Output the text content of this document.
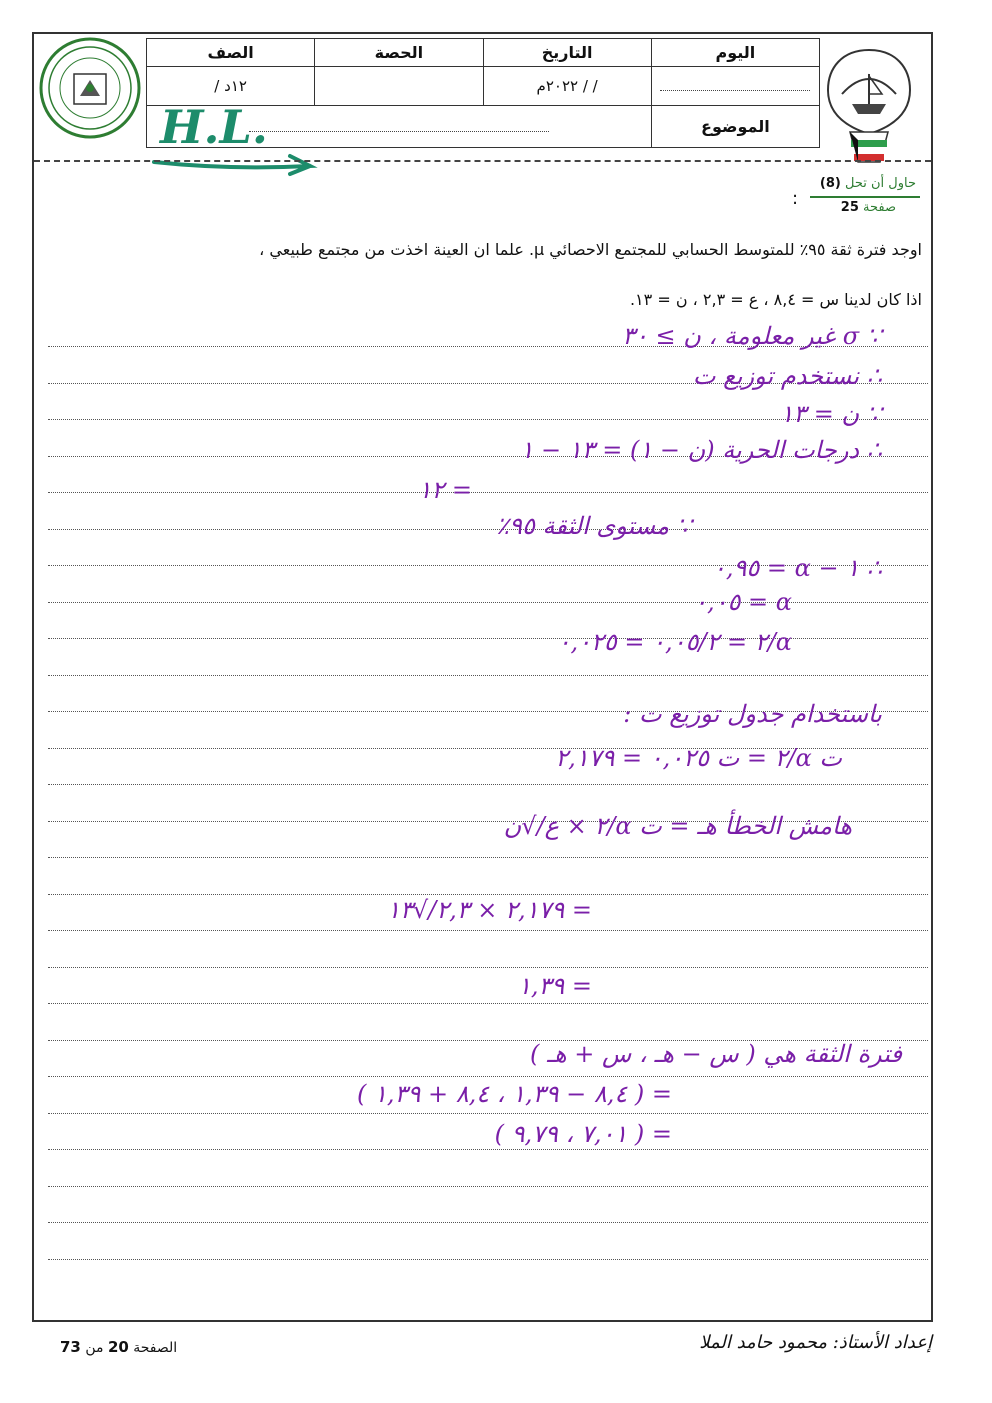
الصف	الحصة	التاريخ	اليوم
١٢د /		/ / ٢٠٢٢م	
			الموضوع
H.L.
حاول أن تحل (8)
صفحة 25
:
اوجد فترة ثقة ٩٥٪ للمتوسط الحسابي للمجتمع الاحصائي µ. علما ان العينة اخذت من مجتمع طبيعي ،
اذا كان لدينا س = ٨,٤ ، ع = ٢,٣ ، ن = ١٣.
∵ σ غير معلومة ، ن ≥ ٣٠
∴ نستخدم توزيع ت
∵ ن = ١٣
∴ درجات الحرية (ن − ١) = ١٣ − ١
= ١٢
∵ مستوى الثقة ٩٥٪
∴ ١ − α = ٠,٩٥
α = ٠,٠٥
α/٢ = ٠,٠٥/٢ = ٠,٠٢٥
باستخدام جدول توزيع ت :
ت α/٢ = ت ٠,٠٢٥ = ٢,١٧٩
هامش الخطأ هـ = ت α/٢ × ع/√ن
= ٢,١٧٩ × ٢,٣/√١٣
= ١,٣٩
فترة الثقة هي ( س − هـ ، س + هـ )
= ( ٨,٤ − ١,٣٩ ، ٨,٤ + ١,٣٩ )
= ( ٧,٠١ ، ٩,٧٩ )
الصفحة 20 من 73	إعداد الأستاذ: محمود حامد الملا
